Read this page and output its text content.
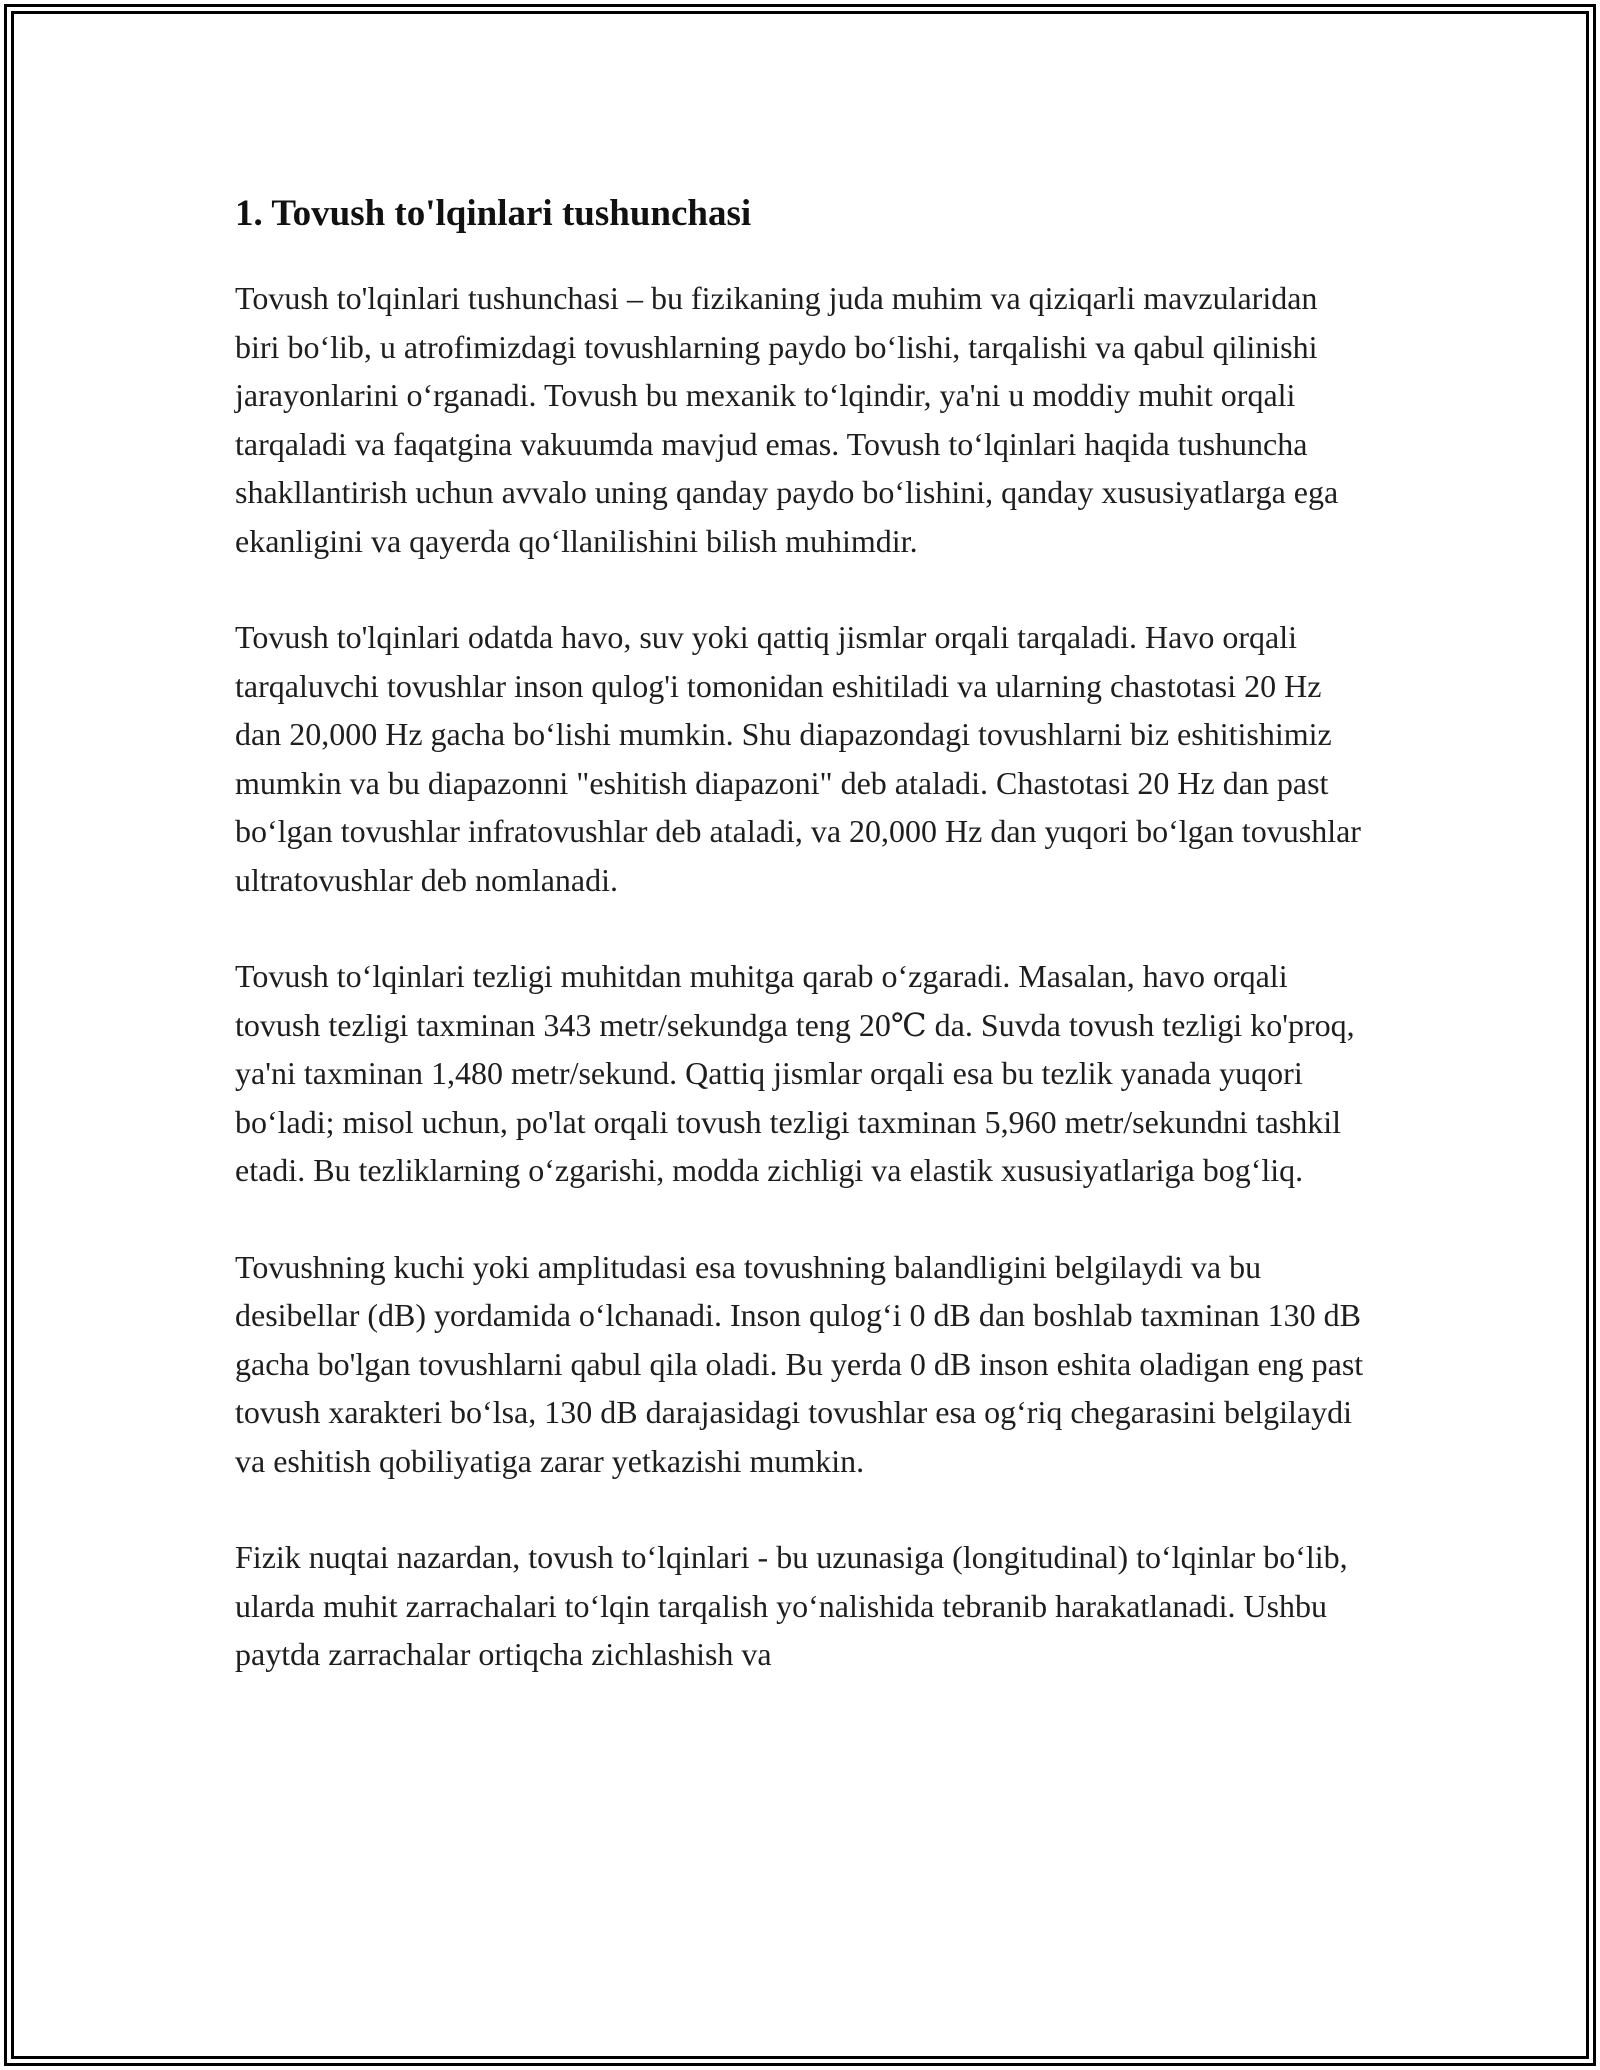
1. Tovush to'lqinlari tushunchasi

Tovush to'lqinlari tushunchasi – bu fizikaning juda muhim va qiziqarli mavzularidan biri bo‘lib, u atrofimizdagi tovushlarning paydo bo‘lishi, tarqalishi va qabul qilinishi jarayonlarini o‘rganadi. Tovush bu mexanik to‘lqindir, ya'ni u moddiy muhit orqali tarqaladi va faqatgina vakuumda mavjud emas. Tovush to‘lqinlari haqida tushuncha shakllantirish uchun avvalo uning qanday paydo bo‘lishini, qanday xususiyatlarga ega ekanligini va qayerda qo‘llanilishini bilish muhimdir.

Tovush to'lqinlari odatda havo, suv yoki qattiq jismlar orqali tarqaladi. Havo orqali tarqaluvchi tovushlar inson qulog'i tomonidan eshitiladi va ularning chastotasi 20 Hz dan 20,000 Hz gacha bo‘lishi mumkin. Shu diapazondagi tovushlarni biz eshitishimiz mumkin va bu diapazonni "eshitish diapazoni" deb ataladi. Chastotasi 20 Hz dan past bo‘lgan tovushlar infratovushlar deb ataladi, va 20,000 Hz dan yuqori bo‘lgan tovushlar ultratovushlar deb nomlanadi.

Tovush to‘lqinlari tezligi muhitdan muhitga qarab o‘zgaradi. Masalan, havo orqali tovush tezligi taxminan 343 metr/sekundga teng 20℃ da. Suvda tovush tezligi ko'proq, ya'ni taxminan 1,480 metr/sekund. Qattiq jismlar orqali esa bu tezlik yanada yuqori bo‘ladi; misol uchun, po'lat orqali tovush tezligi taxminan 5,960 metr/sekundni tashkil etadi. Bu tezliklarning o‘zgarishi, modda zichligi va elastik xususiyatlariga bog‘liq.

Tovushning kuchi yoki amplitudasi esa tovushning balandligini belgilaydi va bu desibellar (dB) yordamida o‘lchanadi. Inson qulog‘i 0 dB dan boshlab taxminan 130 dB gacha bo'lgan tovushlarni qabul qila oladi. Bu yerda 0 dB inson eshita oladigan eng past tovush xarakteri bo‘lsa, 130 dB darajasidagi tovushlar esa og‘riq chegarasini belgilaydi va eshitish qobiliyatiga zarar yetkazishi mumkin.

Fizik nuqtai nazardan, tovush to‘lqinlari - bu uzunasiga (longitudinal) to‘lqinlar bo‘lib, ularda muhit zarrachalari to‘lqin tarqalish yo‘nalishida tebranib harakatlanadi. Ushbu paytda zarrachalar ortiqcha zichlashish va
